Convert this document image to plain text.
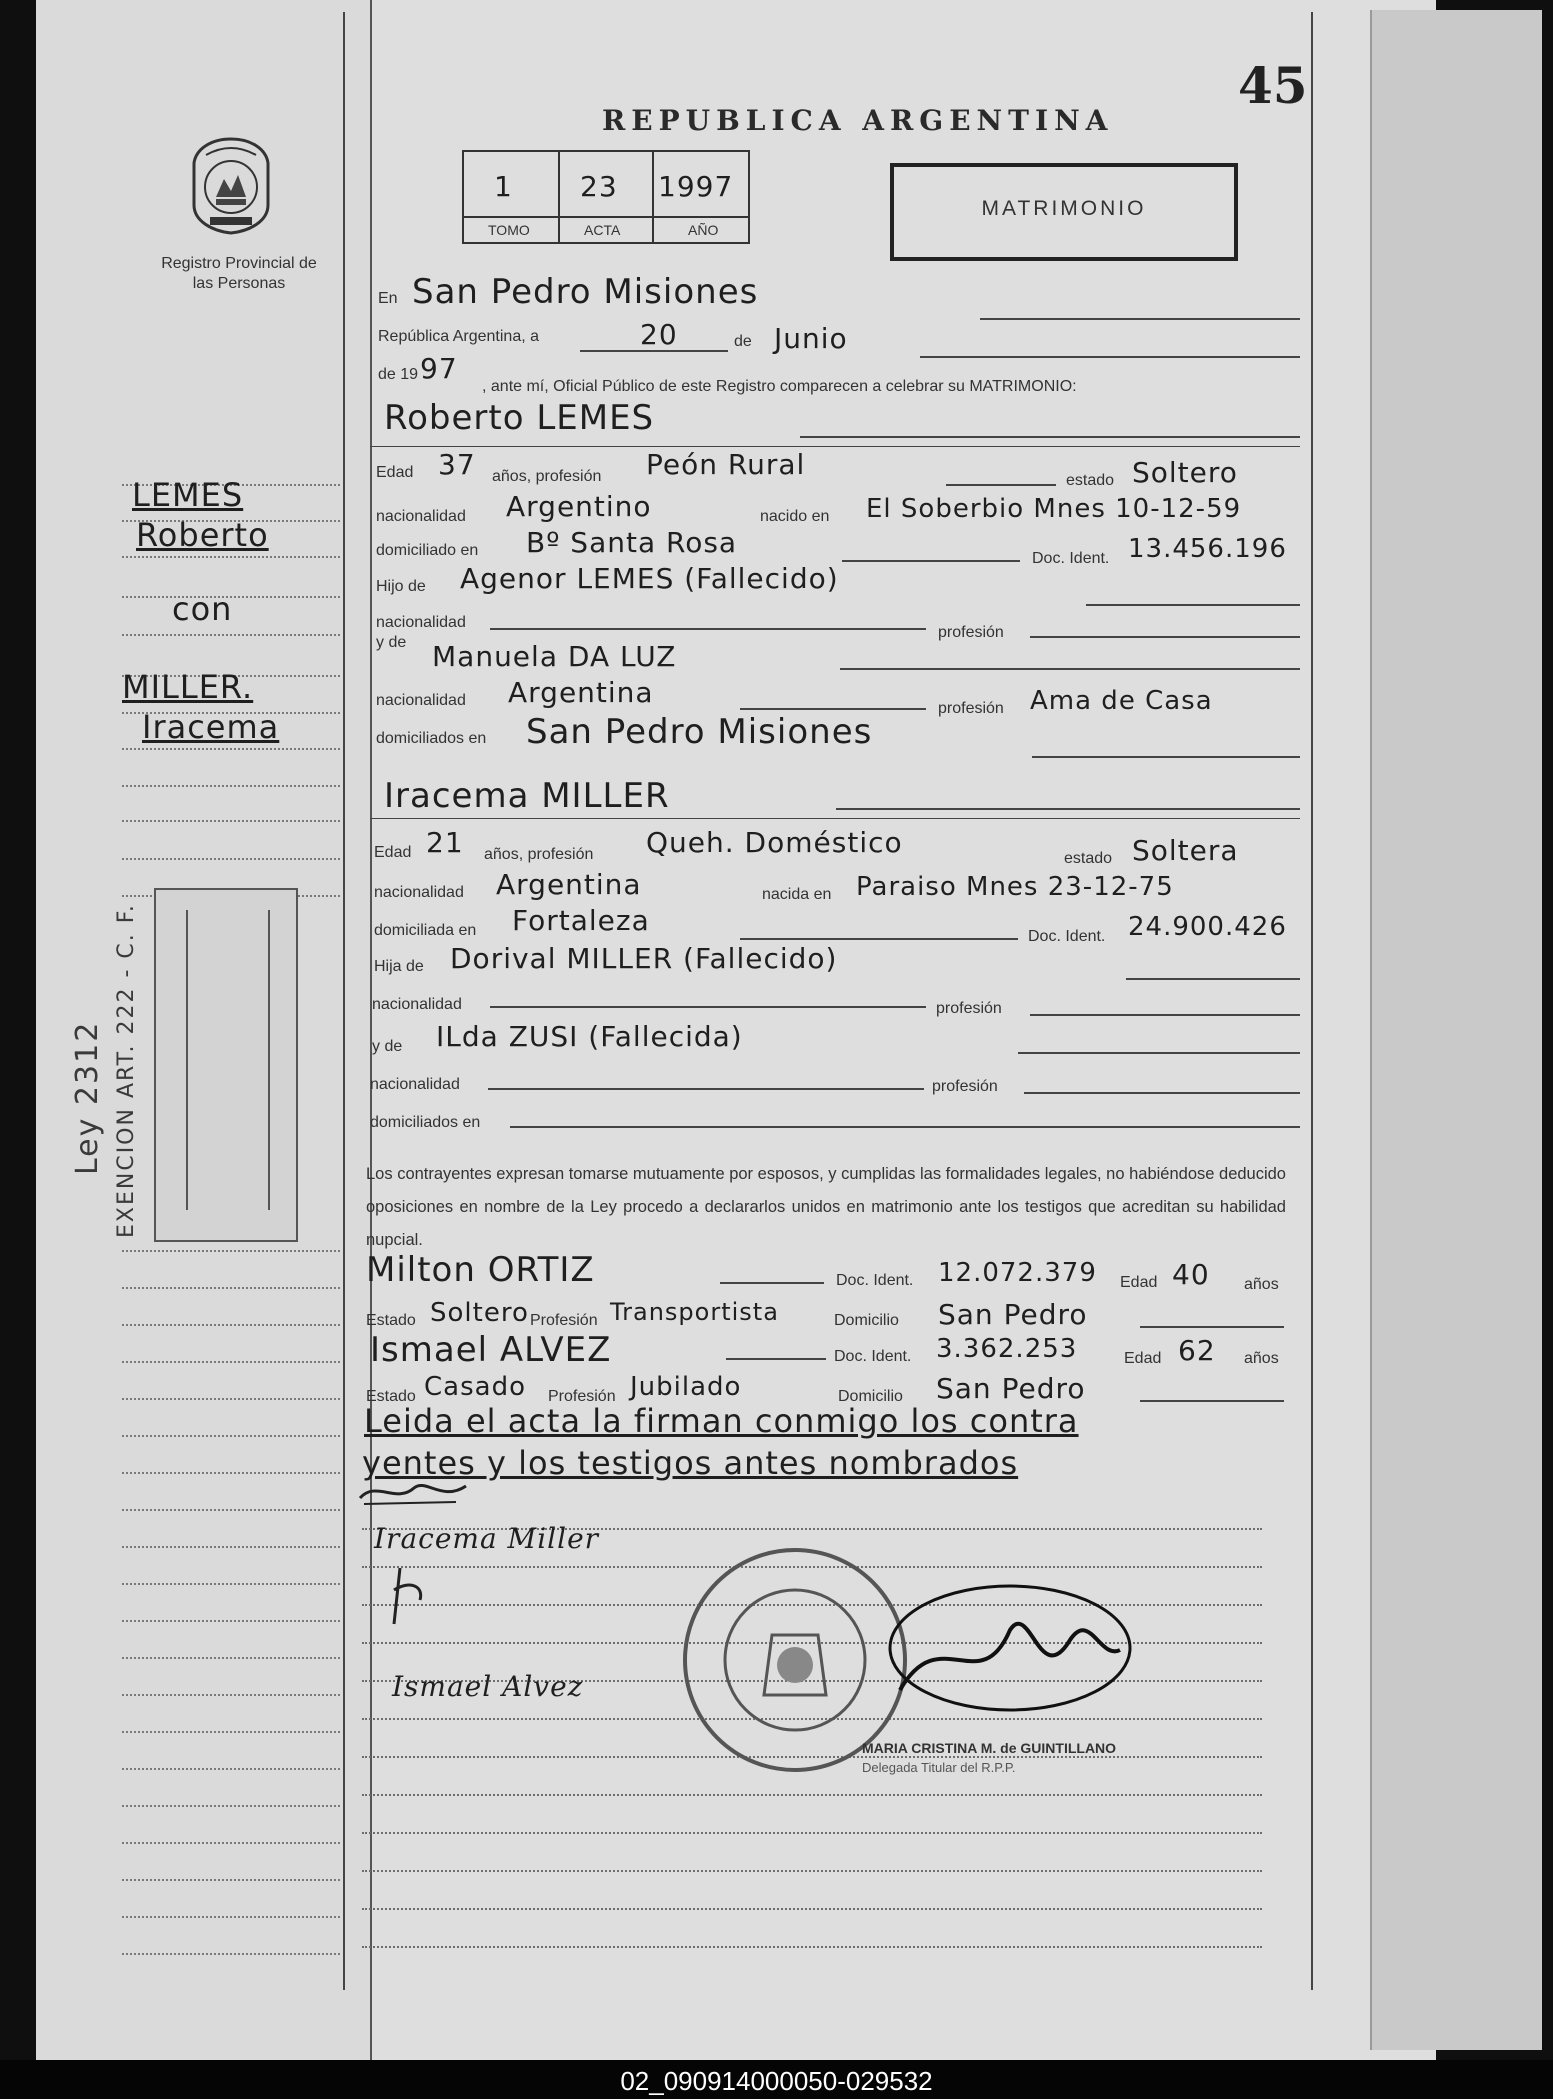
45
REPUBLICA ARGENTINA
Registro Provincial de las Personas
1
TOMO
23
ACTA
1997
AÑO
MATRIMONIO
LEMES
Roberto
con
MILLER.
Iracema
Ley 2312 EXENCION ART. 222 - C. F.
En San Pedro Misiones
República Argentina, a	20	de Junio
de 19 97
, ante mí, Oficial Público de este Registro comparecen a celebrar su MATRIMONIO:
Roberto LEMES
Edad 37 años, profesión Peón Rural	estado Soltero
nacionalidad Argentino	nacido en El Soberbio Mnes 10-12-59
domiciliado en Bº Santa Rosa	Doc. Ident. 13.456.196
Hijo de Agenor LEMES (Fallecido)
nacionalidad
profesión
y de Manuela DA LUZ
nacionalidad Argentina	profesión Ama de Casa
domiciliados en San Pedro Misiones
Iracema MILLER
Edad 21 años, profesión Queh. Doméstico	estado Soltera
nacionalidad Argentina	nacida en Paraiso Mnes 23-12-75
domiciliada en Fortaleza	Doc. Ident. 24.900.426
Hija de Dorival MILLER (Fallecido)
nacionalidad	profesión
y de ILda ZUSI (Fallecida)
nacionalidad	profesión
domiciliados en
Los contrayentes expresan tomarse mutuamente por esposos, y cumplidas las formalidades legales, no habiéndose deducido oposiciones en nombre de la Ley procedo a declararlos unidos en matrimonio ante los testigos que acreditan su habilidad nupcial.
Milton ORTIZ	Doc. Ident. 12.072.379 Edad 40 años
Estado Soltero Profesión Transportista	Domicilio San Pedro
Ismael ALVEZ	Doc. Ident. 3.362.253	Edad 62 años
Estado Casado Profesión Jubilado	Domicilio San Pedro
Leida el acta la firman conmigo los contra
yentes y los testigos antes nombrados
Iracema Miller
Ismael Alvez
MARIA CRISTINA M. de GUINTILLANO
Delegada Titular del R.P.P.
02_090914000050-029532
